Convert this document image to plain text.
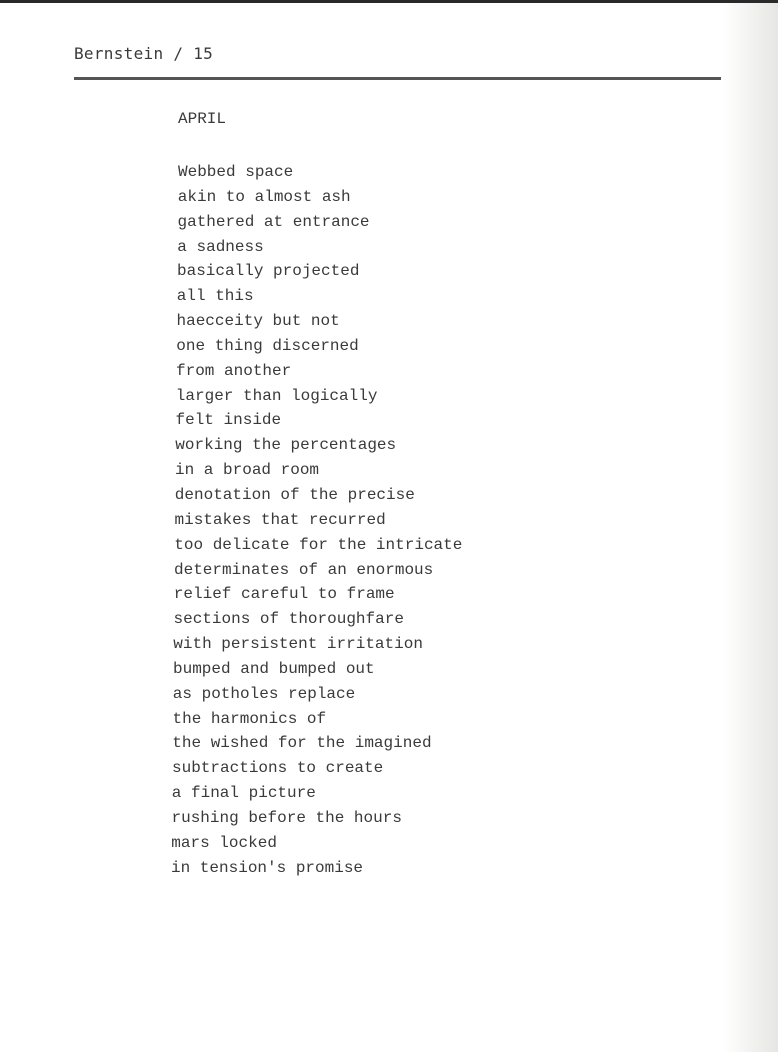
Bernstein / 15
APRIL
Webbed space
akin to almost ash
gathered at entrance
a sadness
basically projected
all this
haecceity but not
one thing discerned
from another
larger than logically
felt inside
working the percentages
in a broad room
denotation of the precise
mistakes that recurred
too delicate for the intricate
determinates of an enormous
relief careful to frame
sections of thoroughfare
with persistent irritation
bumped and bumped out
as potholes replace
the harmonics of
the wished for the imagined
subtractions to create
a final picture
rushing before the hours
mars locked
in tension's promise
